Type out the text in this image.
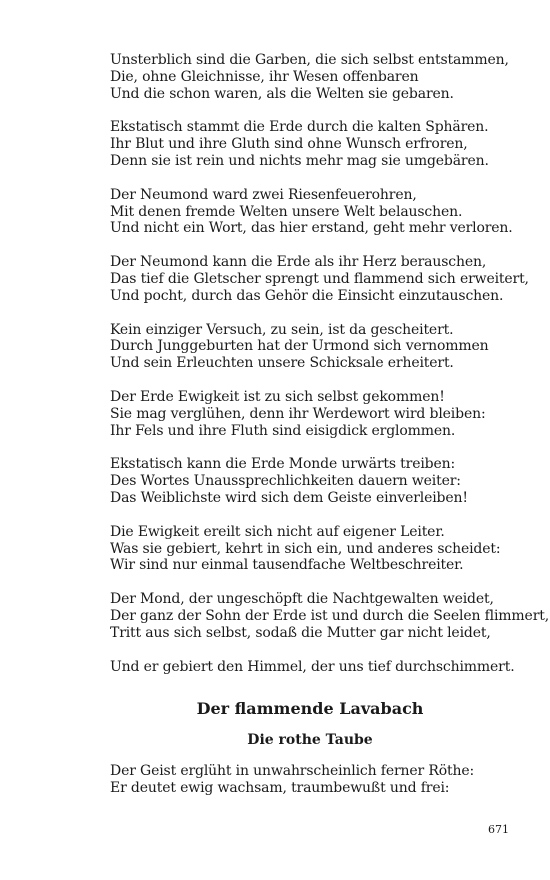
Unsterblich sind die Garben, die sich selbst entstammen,
Die, ohne Gleichnisse, ihr Wesen offenbaren
Und die schon waren, als die Welten sie gebaren.
Ekstatisch stammt die Erde durch die kalten Sphären.
Ihr Blut und ihre Gluth sind ohne Wunsch erfroren,
Denn sie ist rein und nichts mehr mag sie umgebären.
Der Neumond ward zwei Riesenfeuerohren,
Mit denen fremde Welten unsere Welt belauschen.
Und nicht ein Wort, das hier erstand, geht mehr verloren.
Der Neumond kann die Erde als ihr Herz berauschen,
Das tief die Gletscher sprengt und flammend sich erweitert,
Und pocht, durch das Gehör die Einsicht einzutauschen.
Kein einziger Versuch, zu sein, ist da gescheitert.
Durch Junggeburten hat der Urmond sich vernommen
Und sein Erleuchten unsere Schicksale erheitert.
Der Erde Ewigkeit ist zu sich selbst gekommen!
Sie mag verglühen, denn ihr Werdewort wird bleiben:
Ihr Fels und ihre Fluth sind eisigdick erglommen.
Ekstatisch kann die Erde Monde urwärts treiben:
Des Wortes Unaussprechlichkeiten dauern weiter:
Das Weiblichste wird sich dem Geiste einverleiben!
Die Ewigkeit ereilt sich nicht auf eigener Leiter.
Was sie gebiert, kehrt in sich ein, und anderes scheidet:
Wir sind nur einmal tausendfache Weltbeschreiter.
Der Mond, der ungeschöpft die Nachtgewalten weidet,
Der ganz der Sohn der Erde ist und durch die Seelen flimmert,
Tritt aus sich selbst, sodaß die Mutter gar nicht leidet,
Und er gebiert den Himmel, der uns tief durchschimmert.
Der flammende Lavabach
Die rothe Taube
Der Geist erglüht in unwahrscheinlich ferner Röthe:
Er deutet ewig wachsam, traumbewußt und frei:
671
